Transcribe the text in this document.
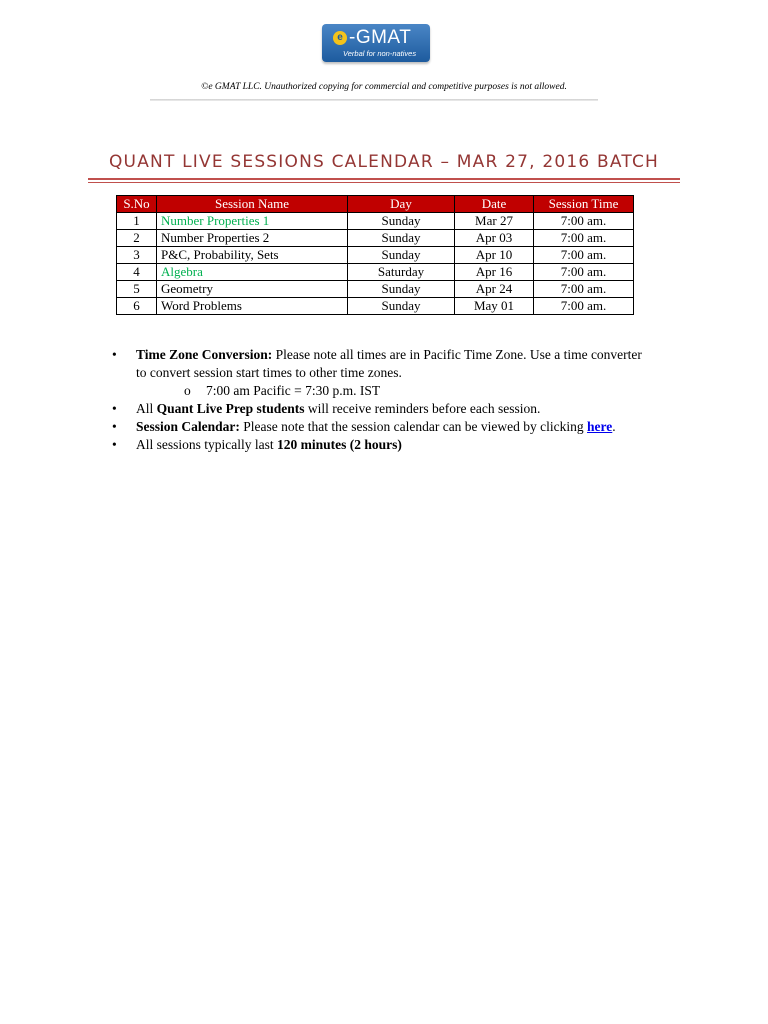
e -GMAT
Verbal for non-natives
©e GMAT LLC. Unauthorized copying for commercial and competitive purposes is not allowed.
QUANT LIVE SESSIONS CALENDAR – MAR 27, 2016 BATCH
S.No	Session Name	Day	Date	Session Time
1	Number Properties 1	Sunday	Mar 27	7:00 am.
2	Number Properties 2	Sunday	Apr 03	7:00 am.
3	P&C, Probability, Sets	Sunday	Apr 10	7:00 am.
4	Algebra	Saturday	Apr 16	7:00 am.
5	Geometry	Sunday	Apr 24	7:00 am.
6	Word Problems	Sunday	May 01	7:00 am.
• Time Zone Conversion: Please note all times are in Pacific Time Zone. Use a time converter
to convert session start times to other time zones.
o 7:00 am Pacific = 7:30 p.m. IST
• All Quant Live Prep students will receive reminders before each session.
• Session Calendar: Please note that the session calendar can be viewed by clicking here.
• All sessions typically last 120 minutes (2 hours)
